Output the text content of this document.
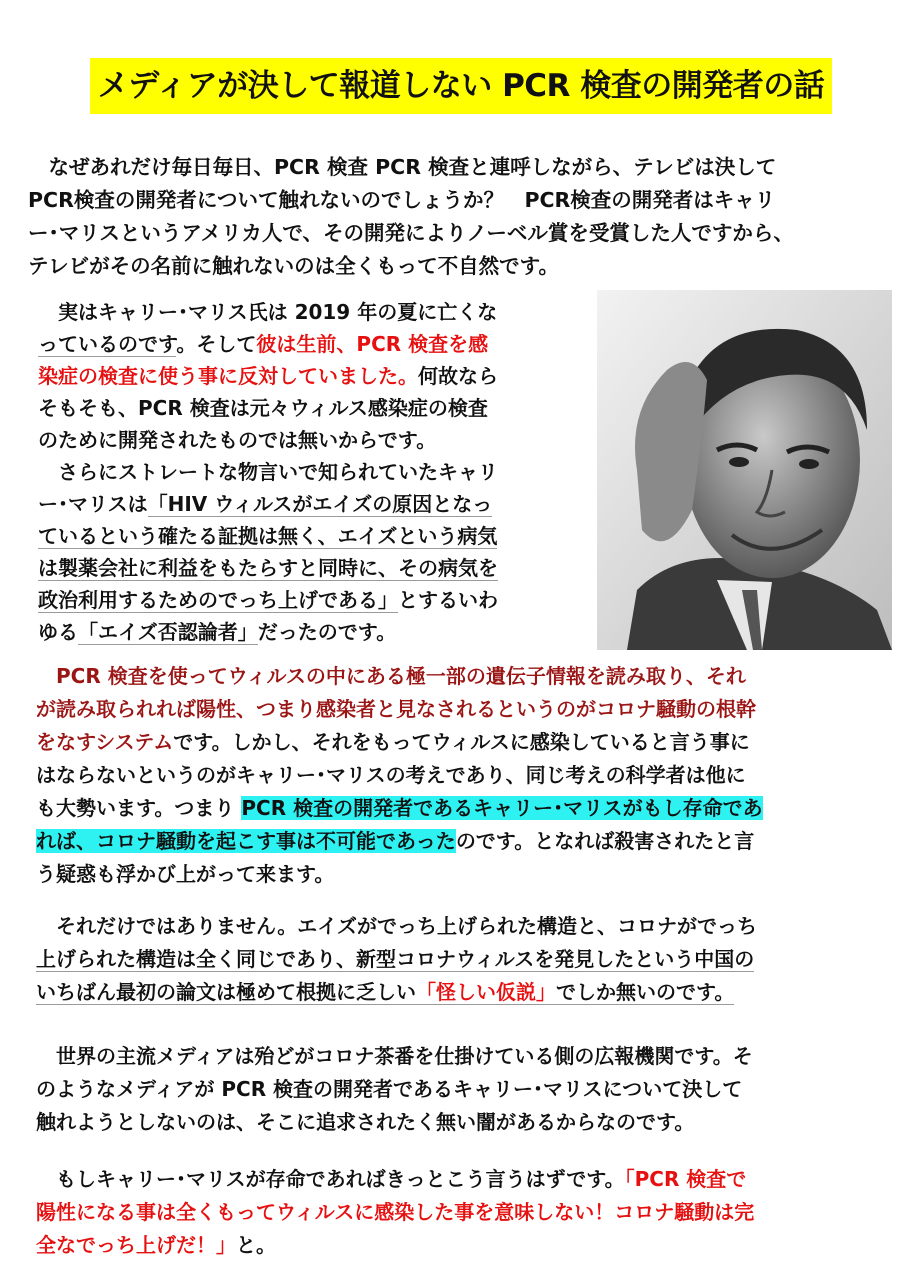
メディアが決して報道しない PCR 検査の開発者の話
　なぜあれだけ毎日毎日、PCR 検査 PCR 検査と連呼しながら、テレビは決して
PCR検査の開発者について触れないのでしょうか？　PCR検査の開発者はキャリ
ー･マリスというアメリカ人で、その開発によりノーベル賞を受賞した人ですから、
テレビがその名前に触れないのは全くもって不自然です。
　実はキャリー･マリス氏は 2019 年の夏に亡くな
っているのです。そして彼は生前、PCR 検査を感
染症の検査に使う事に反対していました。何故なら
そもそも、PCR 検査は元々ウィルス感染症の検査
のために開発されたものでは無いからです。
　さらにストレートな物言いで知られていたキャリ
ー･マリスは「HIV ウィルスがエイズの原因となっ
ているという確たる証拠は無く、エイズという病気
は製薬会社に利益をもたらすと同時に、その病気を
政治利用するためのでっち上げである」とするいわ
ゆる「エイズ否認論者」だったのです。
　PCR 検査を使ってウィルスの中にある極一部の遺伝子情報を読み取り、それ
が読み取られれば陽性、つまり感染者と見なされるというのがコロナ騒動の根幹
をなすシステムです。しかし、それをもってウィルスに感染していると言う事に
はならないというのがキャリー･マリスの考えであり、同じ考えの科学者は他に
も大勢います。つまり PCR 検査の開発者であるキャリー･マリスがもし存命であ
れば、コロナ騒動を起こす事は不可能であったのです。となれば殺害されたと言
う疑惑も浮かび上がって来ます。
　それだけではありません。エイズがでっち上げられた構造と、コロナがでっち
上げられた構造は全く同じであり、新型コロナウィルスを発見したという中国の
いちばん最初の論文は極めて根拠に乏しい「怪しい仮説」でしか無いのです。
　世界の主流メディアは殆どがコロナ茶番を仕掛けている側の広報機関です。そ
のようなメディアが PCR 検査の開発者であるキャリー･マリスについて決して
触れようとしないのは、そこに追求されたく無い闇があるからなのです。
　もしキャリー･マリスが存命であればきっとこう言うはずです。「PCR 検査で
陽性になる事は全くもってウィルスに感染した事を意味しない！コロナ騒動は完
全なでっち上げだ！」と。
